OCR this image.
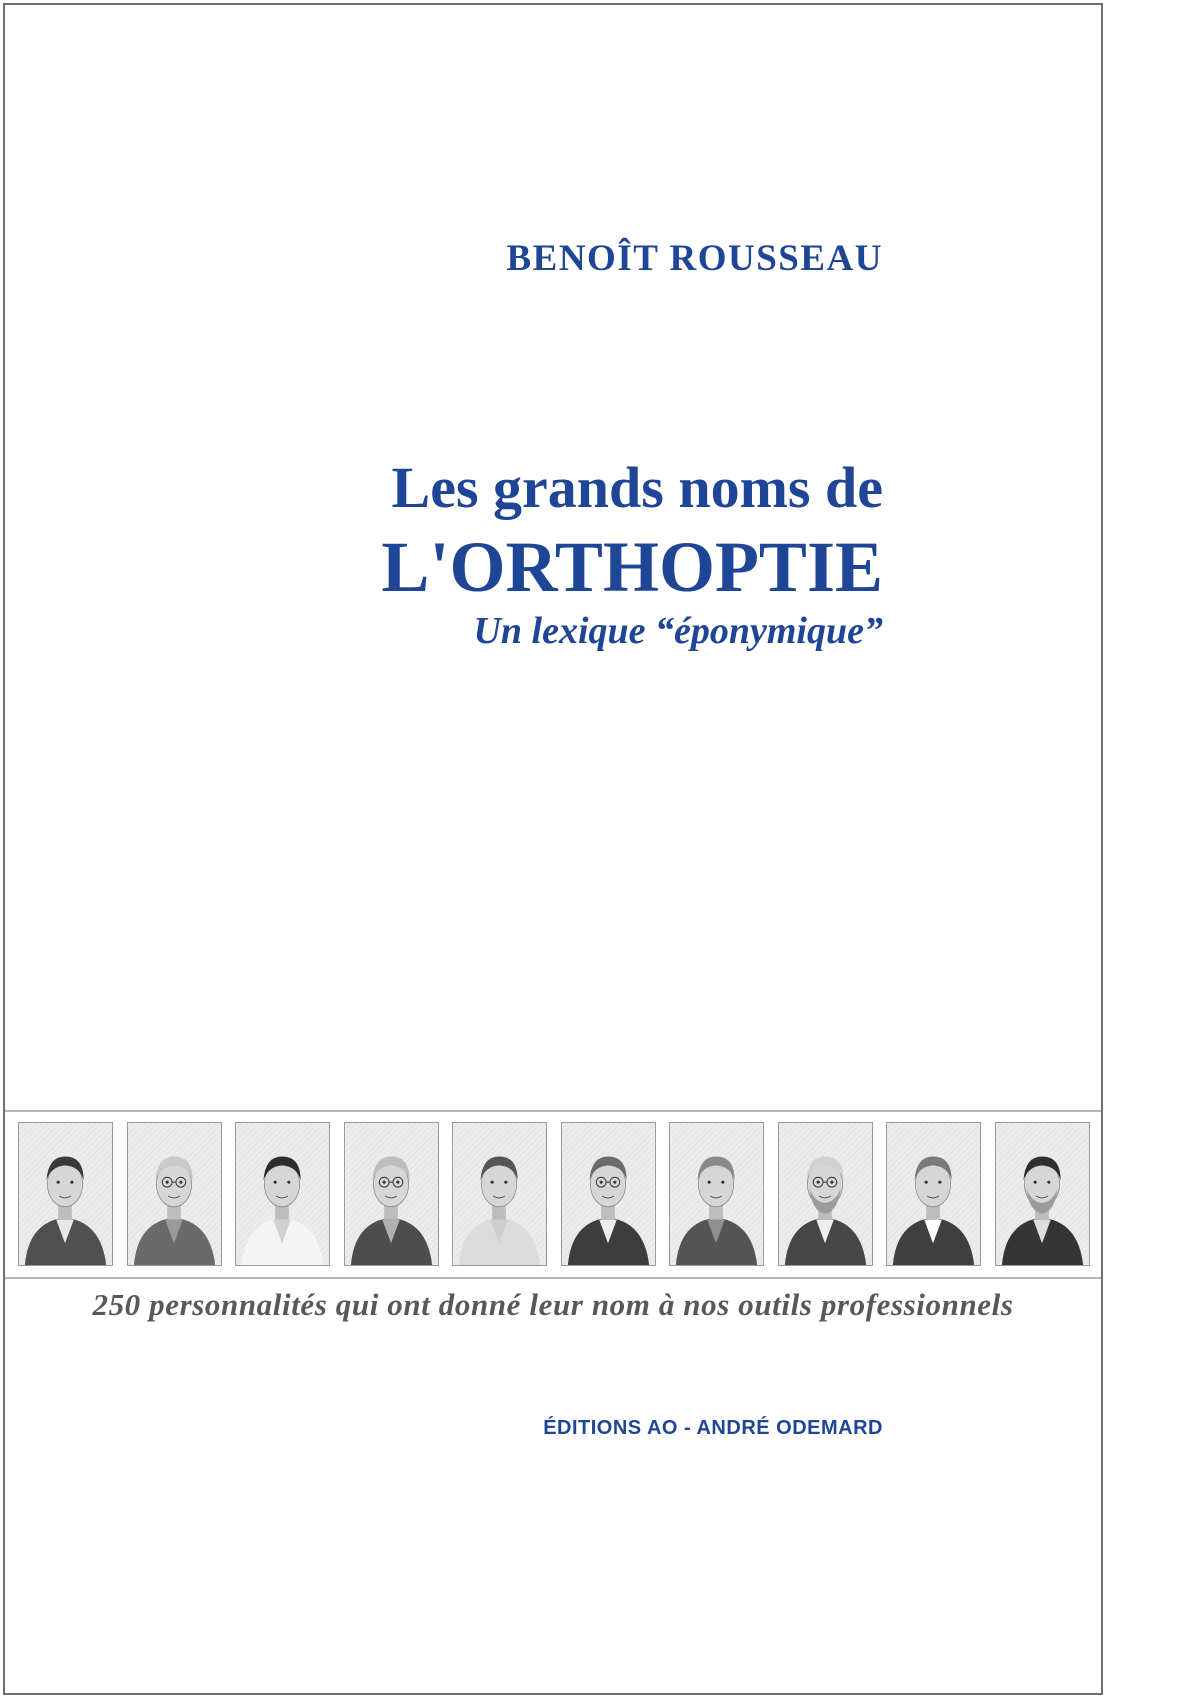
BENOÎT ROUSSEAU
Les grands noms de
L'ORTHOPTIE
Un lexique “éponymique”

250 personnalités qui ont donné leur nom à nos outils professionnels

ÉDITIONS AO - ANDRÉ ODEMARD
